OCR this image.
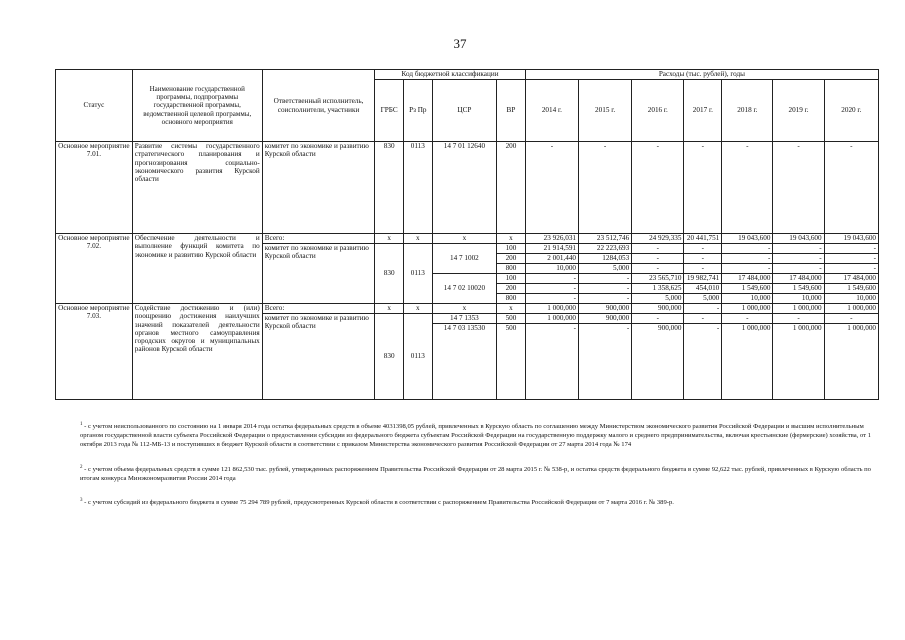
37
Статус	Наименование государственной программы, подпрограммы государственной программы, ведомственной целевой программы, основного мероприятия	Ответственный исполнитель, соисполнители, участники	Код бюджетной классификации				Расходы (тыс. рублей), годы						
			ГРБС	Рз Пр	ЦСР	ВР	2014 г.	2015 г.	2016 г.	2017 г.	2018 г.	2019 г.	2020 г.
Основное мероприятие 7.01.	Развитие системы государственного стратегического планирования и прогнозирования социально-экономического развития Курской области	комитет по экономике и развитию Курской области	830	0113	14 7 01 12640	200	-	-	-	-	-	-	-
Основное мероприятие 7.02.	Обеспечение деятельности и выполнение функций комитета по экономике и развитию Курской области	Всего:	х	х	х	х	23 926,031	23 512,746	24 929,335	20 441,751	19 043,600	19 043,600	19 043,600
		комитет по экономике и развитию Курской области	830	0113	14 7 1002	100	21 914,591	22 223,693	-	-	-	-	-
						200	2 001,440	1284,053	-	-	-	-	-
						800	10,000	5,000	-	-	-	-	-
					14 7 02 10020	100	-	-	23 565,710	19 982,741	17 484,000	17 484,000	17 484,000
						200	-	-	1 358,625	454,010	1 549,600	1 549,600	1 549,600
						800	-	-	5,000	5,000	10,000	10,000	10,000
Основное мероприятие 7.03.	Содействие достижению и (или) поощрению достижения наилучших значений показателей деятельности органов местного самоуправления городских округов и муниципальных районов Курской области	Всего:	х	х	х	х	1 000,000	900,000	900,000	-	1 000,000	1 000,000	1 000,000
		комитет по экономике и развитию Курской области	830	0113	14 7 1353	500	1 000,000	900,000	-	-	-	-	-
					14 7 03 13530	500	-	-	900,000	-	1 000,000	1 000,000	1 000,000
$^1$ - с учетом неиспользованного по состоянию на 1 января 2014 года остатка федеральных средств в объеме 4031398,05 рублей, привлеченных в Курскую область по соглашению между Министерством экономического развития Российской Федерации и высшим исполнительным органом государственной власти субъекта Российской Федерации о предоставлении субсидии из федерального бюджета субъектам Российской Федерации на государственную поддержку малого и среднего предпринимательства, включая крестьянские (фермерские) хозяйства, от 1 октября 2013 года № 112-МБ-13 и поступивших в бюджет Курской области в соответствии с приказом Министерства экономического развития Российской Федерации от 27 марта 2014 года № 174
$^2$ - с учетом объема федеральных средств в сумме 121 862,530 тыс. рублей, утвержденных распоряжением Правительства Российской Федерации от 28 марта 2015 г. № 538-р, и остатка средств федерального бюджета в сумме 92,622 тыс. рублей, привлеченных в Курскую область по итогам конкурса Минэкономразвития России 2014 года
$^3$ - с учетом субсидий из федерального бюджета в сумме 75 294 789 рублей, предусмотренных Курской области в соответствии с распоряжением Правительства Российской Федерации от 7 марта 2016 г. № 389-р.
